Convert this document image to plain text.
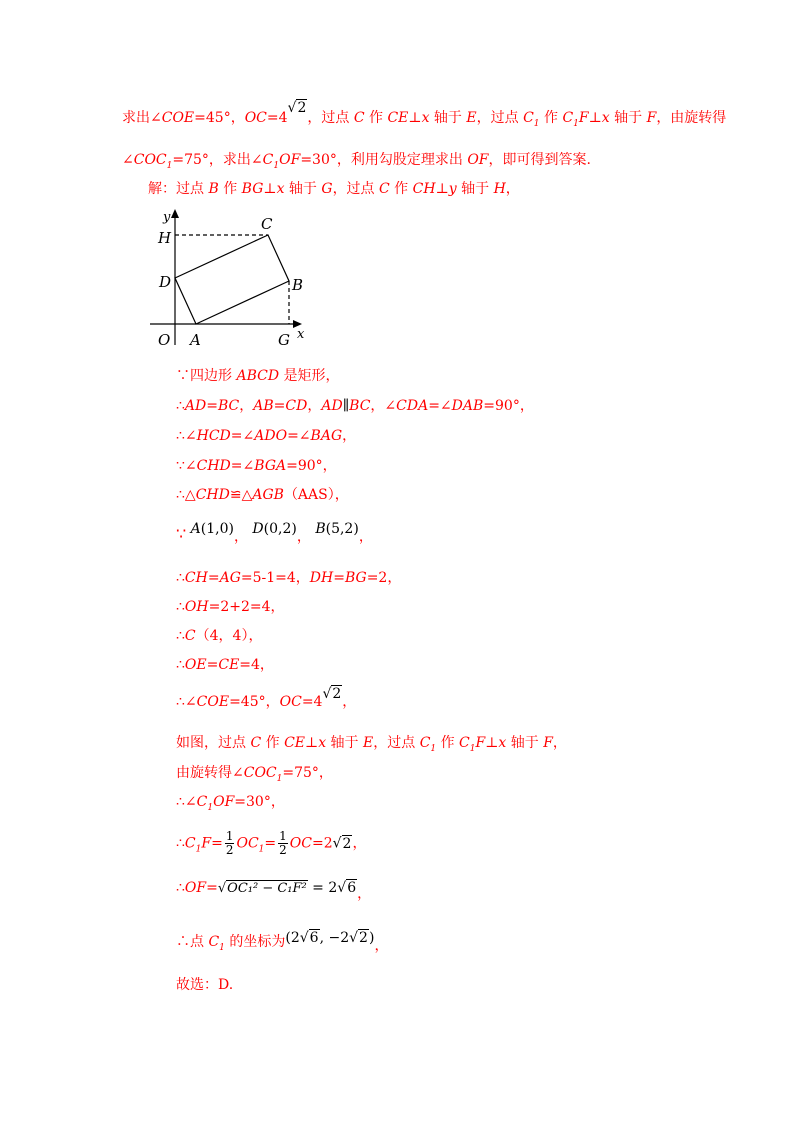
求出∠COE=45°，OC=4√2，过点 C 作 CE⊥x 轴于 E，过点 $C_1$ 作 $C_1F\perp x$ 轴于 F，由旋转得
$\angle COC_1=75^\circ$，求出$\angle C_1OF=30^\circ$，利用勾股定理求出 OF，即可得到答案.
解：过点 B 作 BG⊥x 轴于 G，过点 C 作 CH⊥y 轴于 H，
y
x
O A
B
C
D
G
H
∵四边形 ABCD 是矩形，
∴AD=BC，AB=CD，AD∥BC，∠CDA=∠DAB=90°，
∴∠HCD=∠ADO=∠BAG，
∵∠CHD=∠BGA=90°，
∴△CHD≌△AGB（AAS），
∵ A(1,0)， D(0,2)， B(5,2)，
∴CH=AG=5-1=4，DH=BG=2，
∴OH=2+2=4，
∴C（4，4），
∴OE=CE=4，
∴∠COE=45°，OC=4√2，
如图，过点 C 作 CE⊥x 轴于 E，过点 $C_1$ 作 $C_1F\perp x$ 轴于 F，
由旋转得$\angle COC_1=75^\circ$，
$\therefore\angle C_1OF=30^\circ$，
$\therefore C_1F= \frac{1}{2} OC_1= \frac{1}{2} OC=2√2$，
∴OF=√OC₁² − C₁F² = 2√6，
∴点 $C_1$ 的坐标为(2√6, −2√2)，
故选：D.
